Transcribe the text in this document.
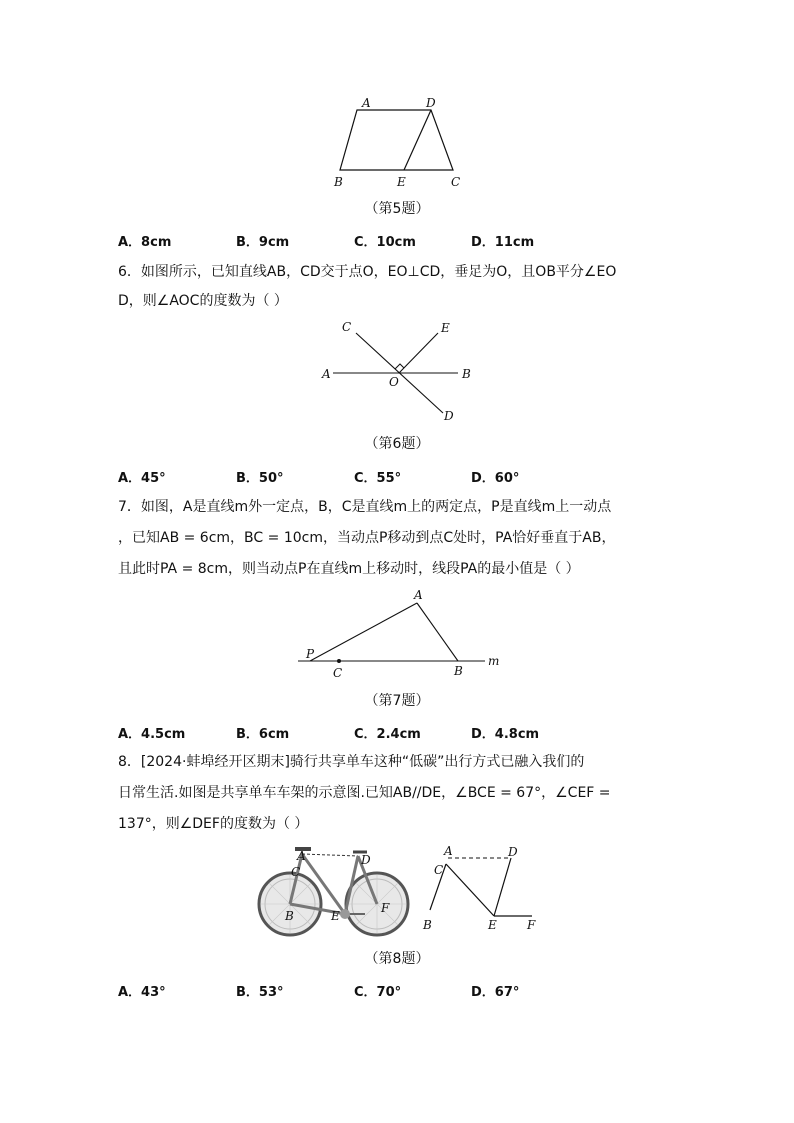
A	D
B	E	C
（第5题）
A．8cm	B．9cm	C．10cm	D．11cm
6．如图所示，已知直线AB，CD交于点O，EO⊥CD，垂足为O，且OB平分∠EO
D，则∠AOC的度数为（ ）
C	E
A
O
B
D
（第6题）
A．45°	B．50°	C．55°	D．60°
7．如图，A是直线m外一定点，B，C是直线m上的两定点，P是直线m上一动点
，已知AB = 6cm，BC = 10cm，当动点P移动到点C处时，PA恰好垂直于AB，
且此时PA = 8cm，则当动点P在直线m上移动时，线段PA的最小值是（ ）
A
P
C	B
m
（第7题）
A．4.5cm	B．6cm	C．2.4cm	D．4.8cm
8．[2024·蚌埠经开区期末]骑行共享单车这种“低碳”出行方式已融入我们的
日常生活.如图是共享单车车架的示意图.已知AB//DE，∠BCE = 67°，∠CEF =
137°，则∠DEF的度数为（ ）
A
C
D
B	E
F
A
C
D
B	E	F
（第8题）
A．43°	B．53°	C．70°	D．67°
